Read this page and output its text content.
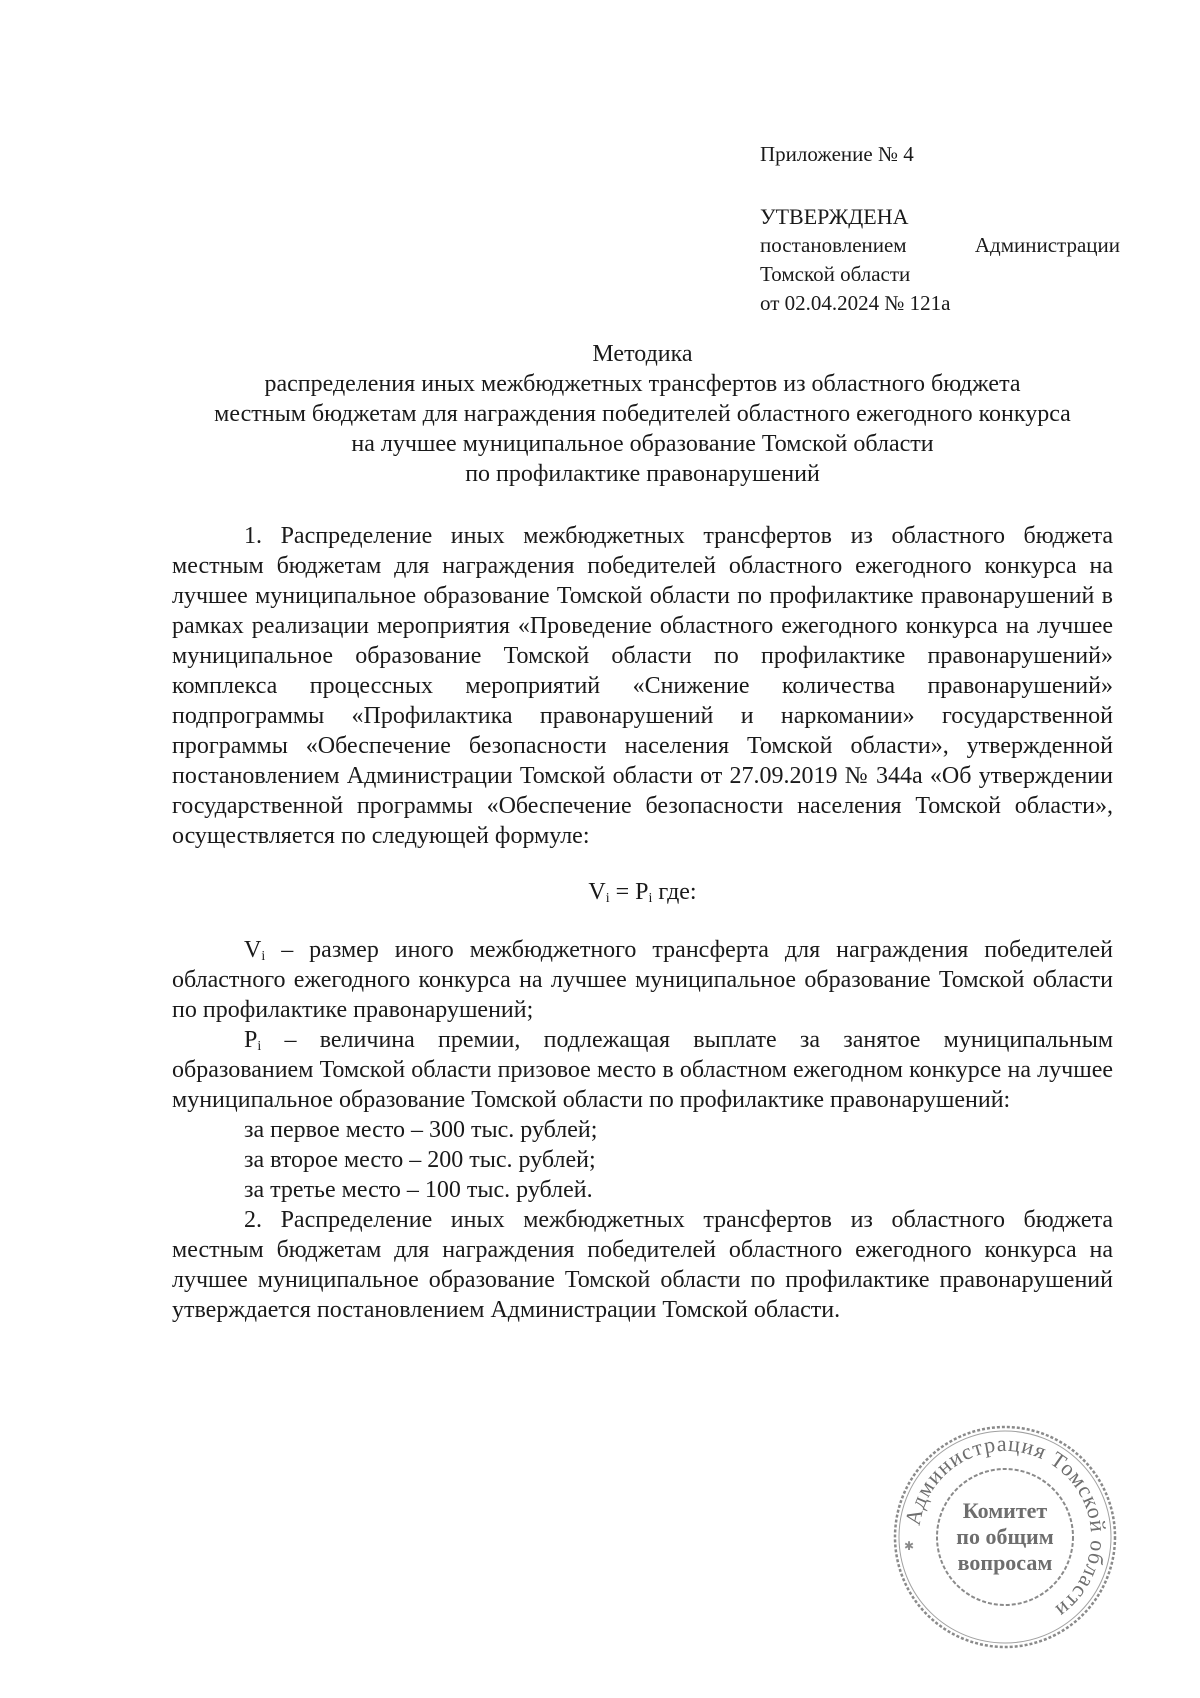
Приложение № 4
УТВЕРЖДЕНА
постановлением	Администрации
Томской области
от 02.04.2024 № 121а
Методика
распределения иных межбюджетных трансфертов из областного бюджета
местным бюджетам для награждения победителей областного ежегодного конкурса
на лучшее муниципальное образование Томской области
по профилактике правонарушений

1. Распределение иных межбюджетных трансфертов из областного бюджета местным бюджетам для награждения победителей областного ежегодного конкурса на лучшее муниципальное образование Томской области по профилактике правонарушений в рамках реализации мероприятия «Проведение областного ежегодного конкурса на лучшее муниципальное образование Томской области по профилактике правонарушений» комплекса процессных мероприятий «Снижение количества правонарушений» подпрограммы «Профилактика правонарушений и наркомании» государственной программы «Обеспечение безопасности населения Томской области», утвержденной постановлением Администрации Томской области от 27.09.2019 № 344а «Об утверждении государственной программы «Обеспечение безопасности населения Томской области», осуществляется по следующей формуле:

$V_i = P_i$ где:

$V_i$ – размер иного межбюджетного трансферта для награждения победителей областного ежегодного конкурса на лучшее муниципальное образование Томской области по профилактике правонарушений;

$P_i$ – величина премии, подлежащая выплате за занятое муниципальным образованием Томской области призовое место в областном ежегодном конкурсе на лучшее муниципальное образование Томской области по профилактике правонарушений:

за первое место – 300 тыс. рублей;

за второе место – 200 тыс. рублей;

за третье место – 100 тыс. рублей.

2. Распределение иных межбюджетных трансфертов из областного бюджета местным бюджетам для награждения победителей областного ежегодного конкурса на лучшее муниципальное образование Томской области по профилактике правонарушений утверждается постановлением Администрации Томской области.

Администрация Томской области
Комитет
по общим
вопросам
✱
